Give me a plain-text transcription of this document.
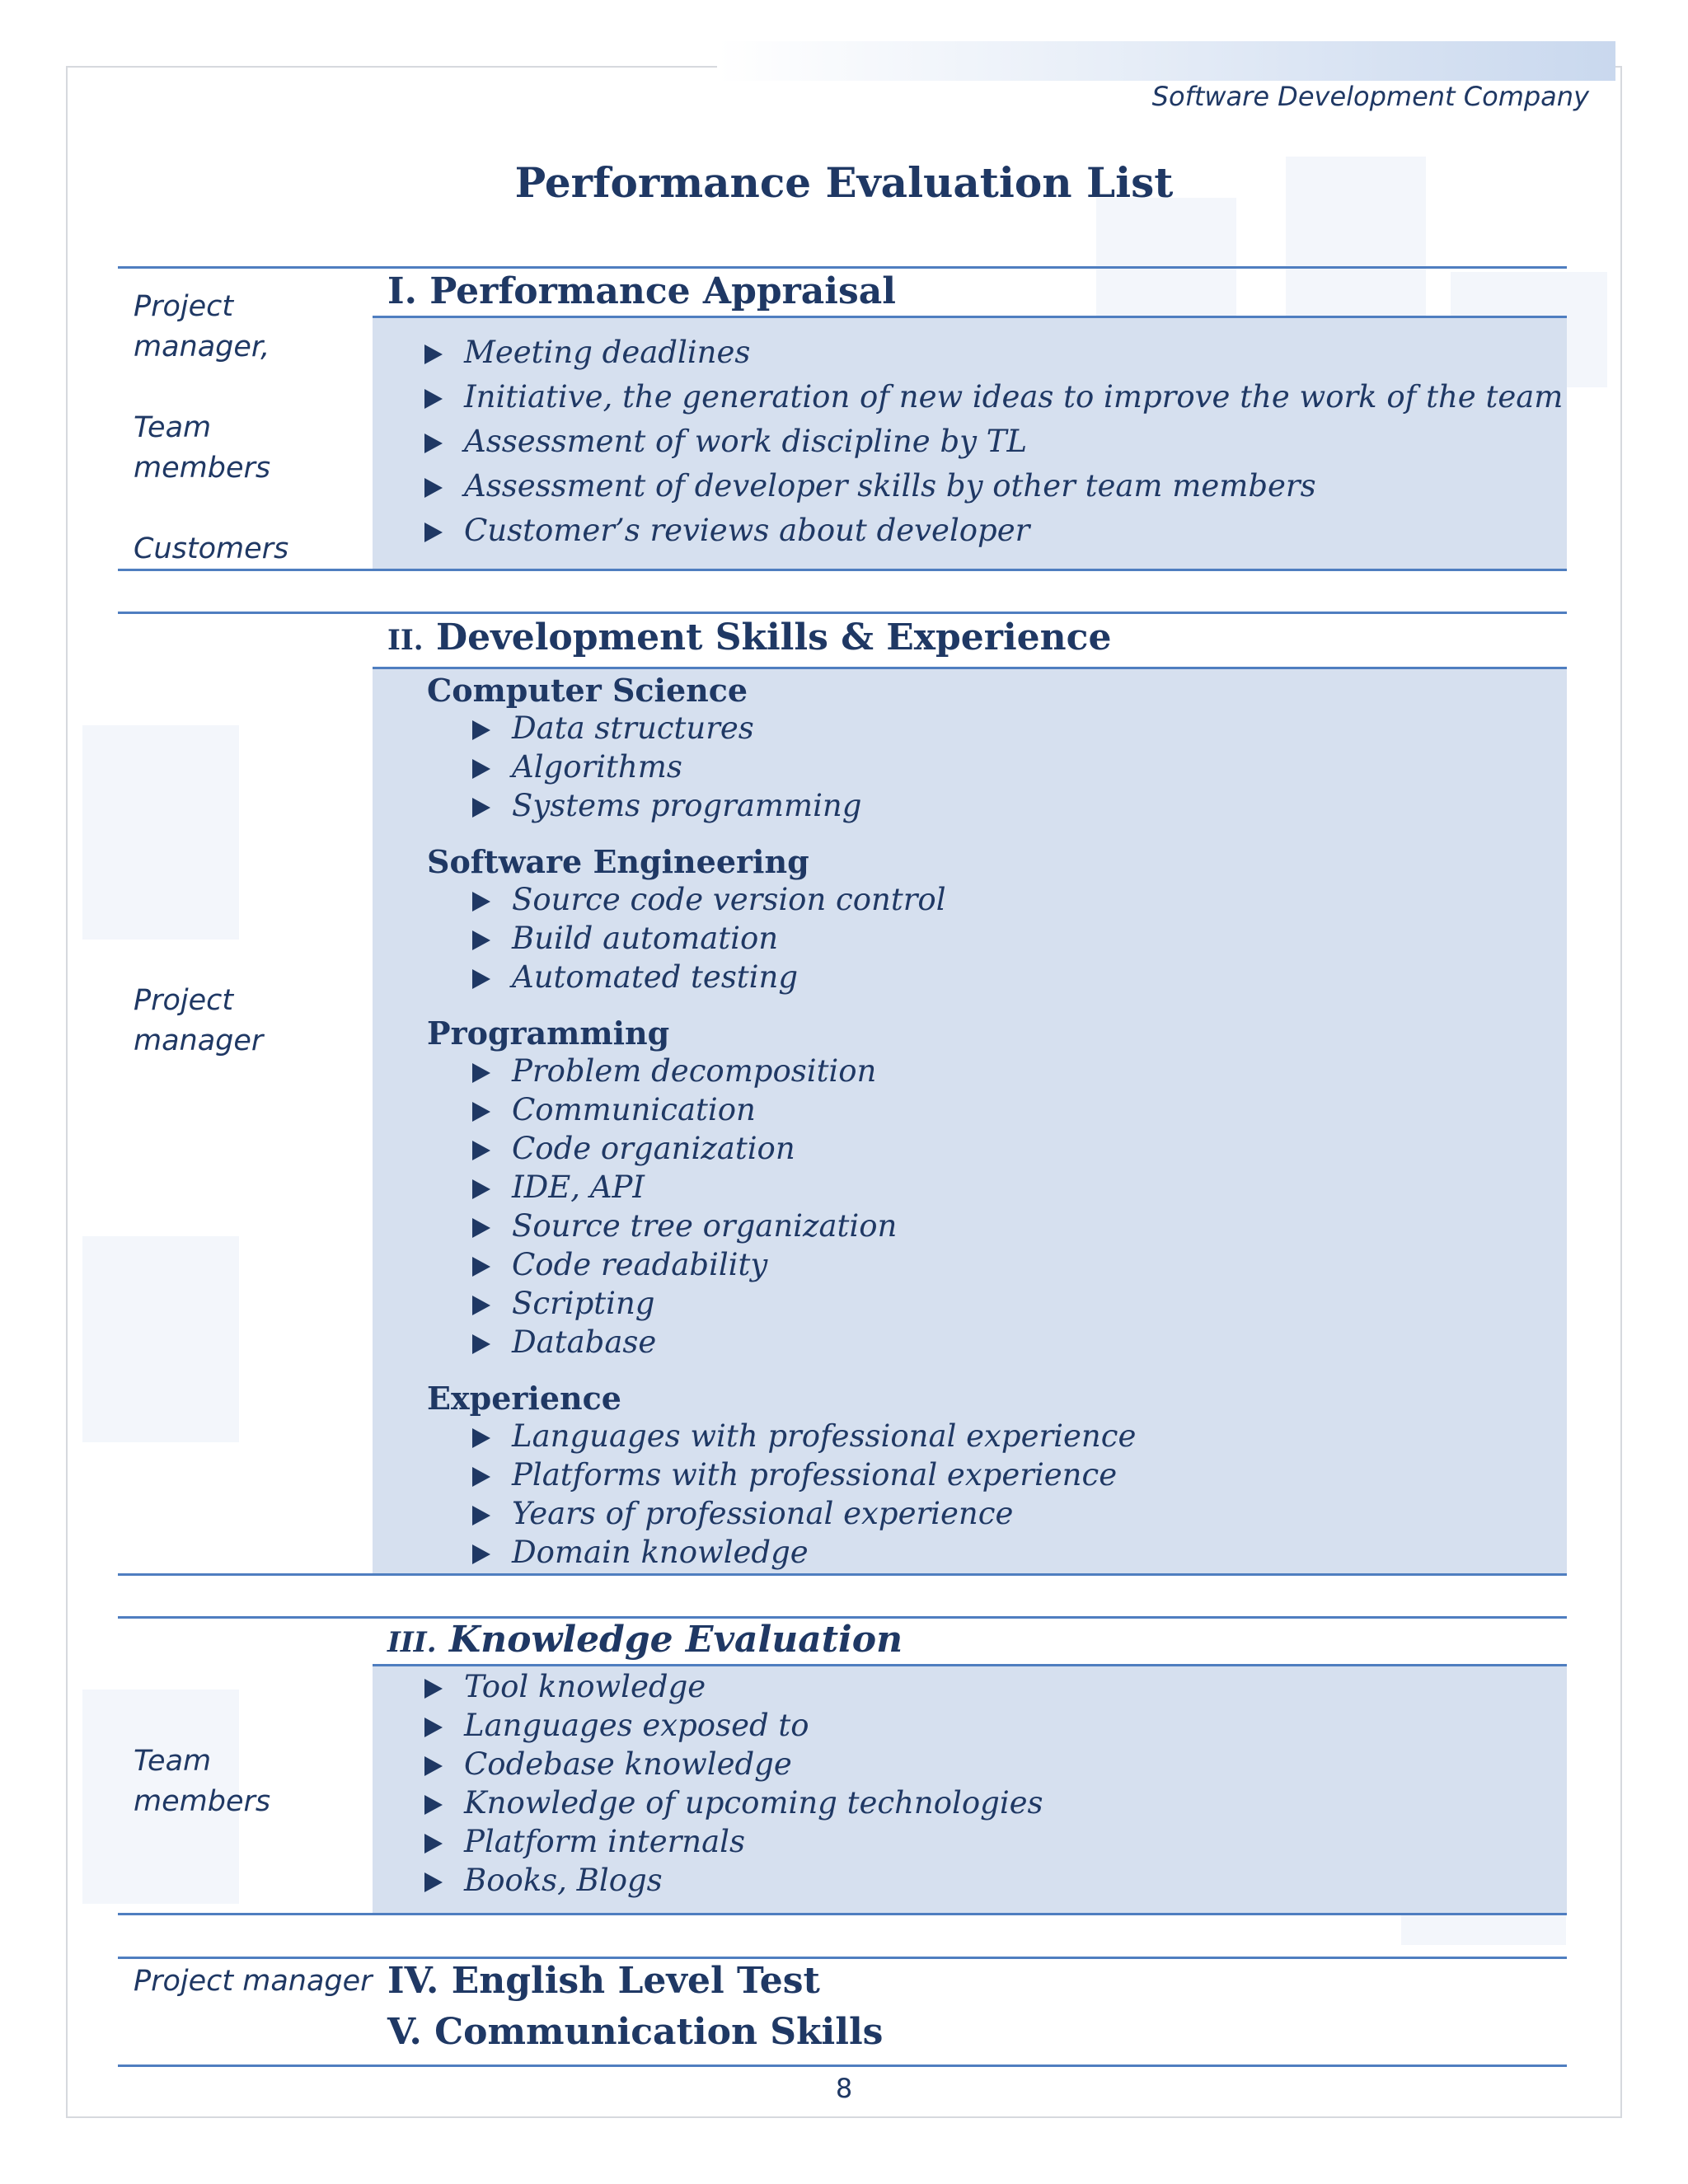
Software Development Company
Performance Evaluation List
I. Performance Appraisal
Project
manager,
Team
members
Customers
Meeting deadlines
Initiative, the generation of new ideas to improve the work of the team
Assessment of work discipline by TL
Assessment of developer skills by other team members
Customer’s reviews about developer
II. Development Skills & Experience
Project
manager
Computer Science
Data structures
Algorithms
Systems programming
Software Engineering
Source code version control
Build automation
Automated testing
Programming
Problem decomposition
Communication
Code organization
IDE, API
Source tree organization
Code readability
Scripting
Database
Experience
Languages with professional experience
Platforms with professional experience
Years of professional experience
Domain knowledge
III. Knowledge Evaluation
Team
members
Tool knowledge
Languages exposed to
Codebase knowledge
Knowledge of upcoming technologies
Platform internals
Books, Blogs
Project manager IV. English Level Test
V. Communication Skills
8
